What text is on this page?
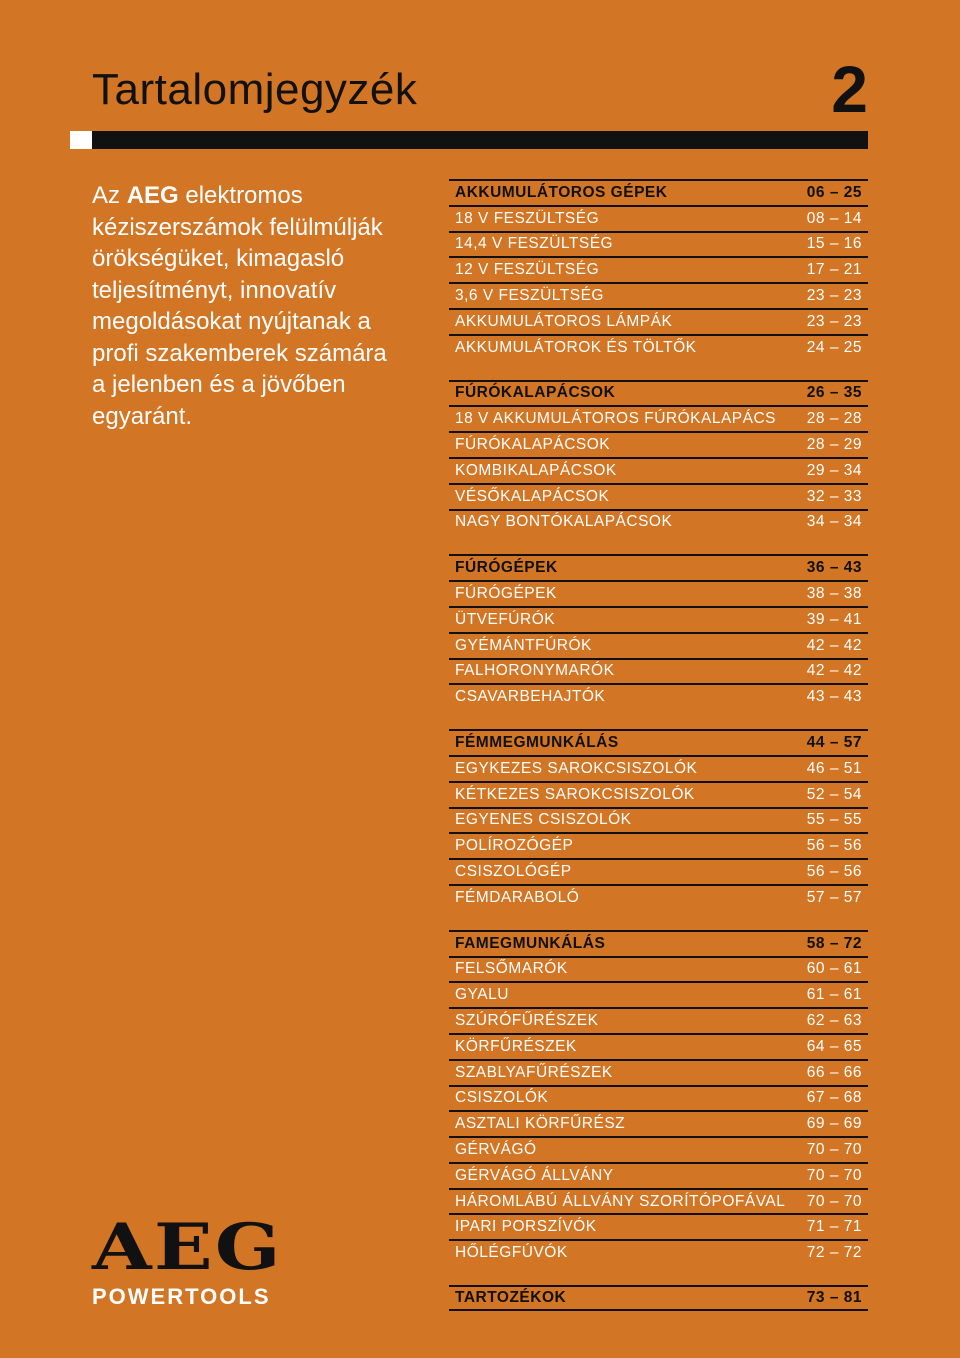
Tartalomjegyzék	2
Az AEG elektromos kéziszerszámok felülmúlják örökségüket, kimagasló teljesítményt, innovatív megoldásokat nyújtanak a profi szakemberek számára a jelenben és a jövőben egyaránt.
AKKUMULÁTOROS GÉPEK	06 – 25
18 V FESZÜLTSÉG	08 – 14
14,4 V FESZÜLTSÉG	15 – 16
12 V FESZÜLTSÉG	17 – 21
3,6 V FESZÜLTSÉG	23 – 23
AKKUMULÁTOROS LÁMPÁK	23 – 23
AKKUMULÁTOROK ÉS TÖLTŐK	24 – 25
FÚRÓKALAPÁCSOK	26 – 35
18 V AKKUMULÁTOROS FÚRÓKALAPÁCS 28 – 28
FÚRÓKALAPÁCSOK	28 – 29
KOMBIKALAPÁCSOK	29 – 34
VÉSŐKALAPÁCSOK	32 – 33
NAGY BONTÓKALAPÁCSOK	34 – 34
FÚRÓGÉPEK	36 – 43
FÚRÓGÉPEK	38 – 38
ÜTVEFÚRÓK	39 – 41
GYÉMÁNTFÚRÓK	42 – 42
FALHORONYMARÓK	42 – 42
CSAVARBEHAJTÓK	43 – 43
FÉMMEGMUNKÁLÁS	44 – 57
EGYKEZES SAROKCSISZOLÓK	46 – 51
KÉTKEZES SAROKCSISZOLÓK	52 – 54
EGYENES CSISZOLÓK	55 – 55
POLÍROZÓGÉP	56 – 56
CSISZOLÓGÉP	56 – 56
FÉMDARABOLÓ	57 – 57
FAMEGMUNKÁLÁS	58 – 72
FELSŐMARÓK	60 – 61
GYALU	61 – 61
SZÚRÓFŰRÉSZEK	62 – 63
KÖRFŰRÉSZEK	64 – 65
SZABLYAFŰRÉSZEK	66 – 66
CSISZOLÓK	67 – 68
ASZTALI KÖRFŰRÉSZ	69 – 69
GÉRVÁGÓ	70 – 70
GÉRVÁGÓ ÁLLVÁNY	70 – 70
HÁROMLÁBÚ ÁLLVÁNY SZORÍTÓPOFÁVAL 70 – 70
IPARI PORSZÍVÓK	71 – 71
HŐLÉGFÚVÓK	72 – 72
TARTOZÉKOK	73 – 81
AEG
POWERTOOLS
